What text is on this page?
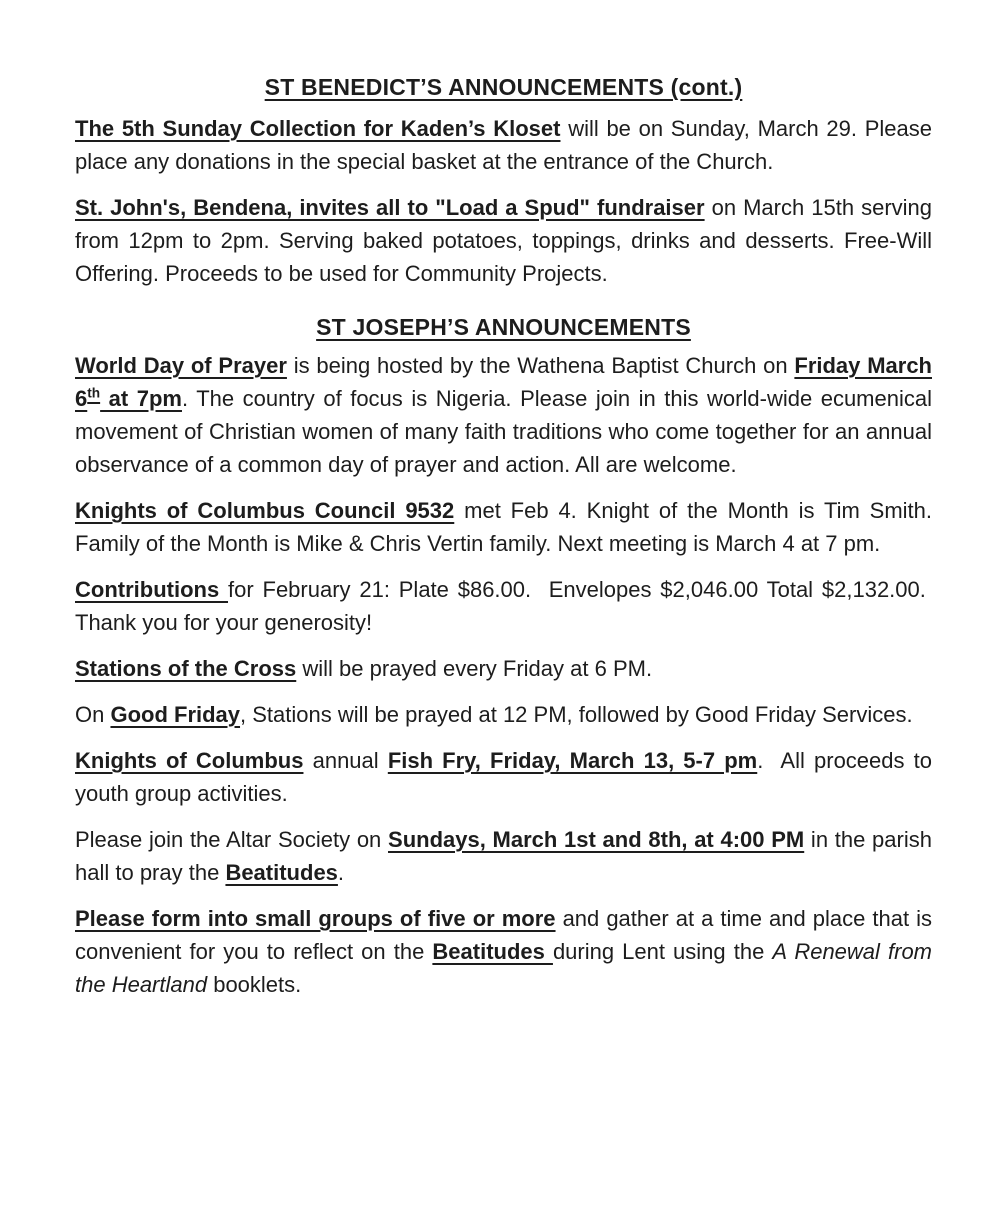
ST BENEDICT’S ANNOUNCEMENTS (cont.)

The 5th Sunday Collection for Kaden’s Kloset will be on Sunday, March 29. Please place any donations in the special basket at the entrance of the Church.

St. John's, Bendena, invites all to "Load a Spud" fundraiser on March 15th serving from 12pm to 2pm. Serving baked potatoes, toppings, drinks and desserts. Free-Will Offering. Proceeds to be used for Community Projects.

ST JOSEPH’S ANNOUNCEMENTS

World Day of Prayer is being hosted by the Wathena Baptist Church on Friday March 6th at 7pm. The country of focus is Nigeria. Please join in this world-wide ecumenical movement of Christian women of many faith traditions who come together for an annual observance of a common day of prayer and action. All are welcome.

Knights of Columbus Council 9532 met Feb 4. Knight of the Month is Tim Smith. Family of the Month is Mike & Chris Vertin family. Next meeting is March 4 at 7 pm.

Contributions for February 21: Plate $86.00.  Envelopes $2,046.00 Total $2,132.00.  Thank you for your generosity!

Stations of the Cross will be prayed every Friday at 6 PM.

On Good Friday, Stations will be prayed at 12 PM, followed by Good Friday Services.

Knights of Columbus annual Fish Fry, Friday, March 13, 5-7 pm.  All proceeds to youth group activities.

Please join the Altar Society on Sundays, March 1st and 8th, at 4:00 PM in the parish hall to pray the Beatitudes.

Please form into small groups of five or more and gather at a time and place that is convenient for you to reflect on the Beatitudes during Lent using the A Renewal from the Heartland booklets.
